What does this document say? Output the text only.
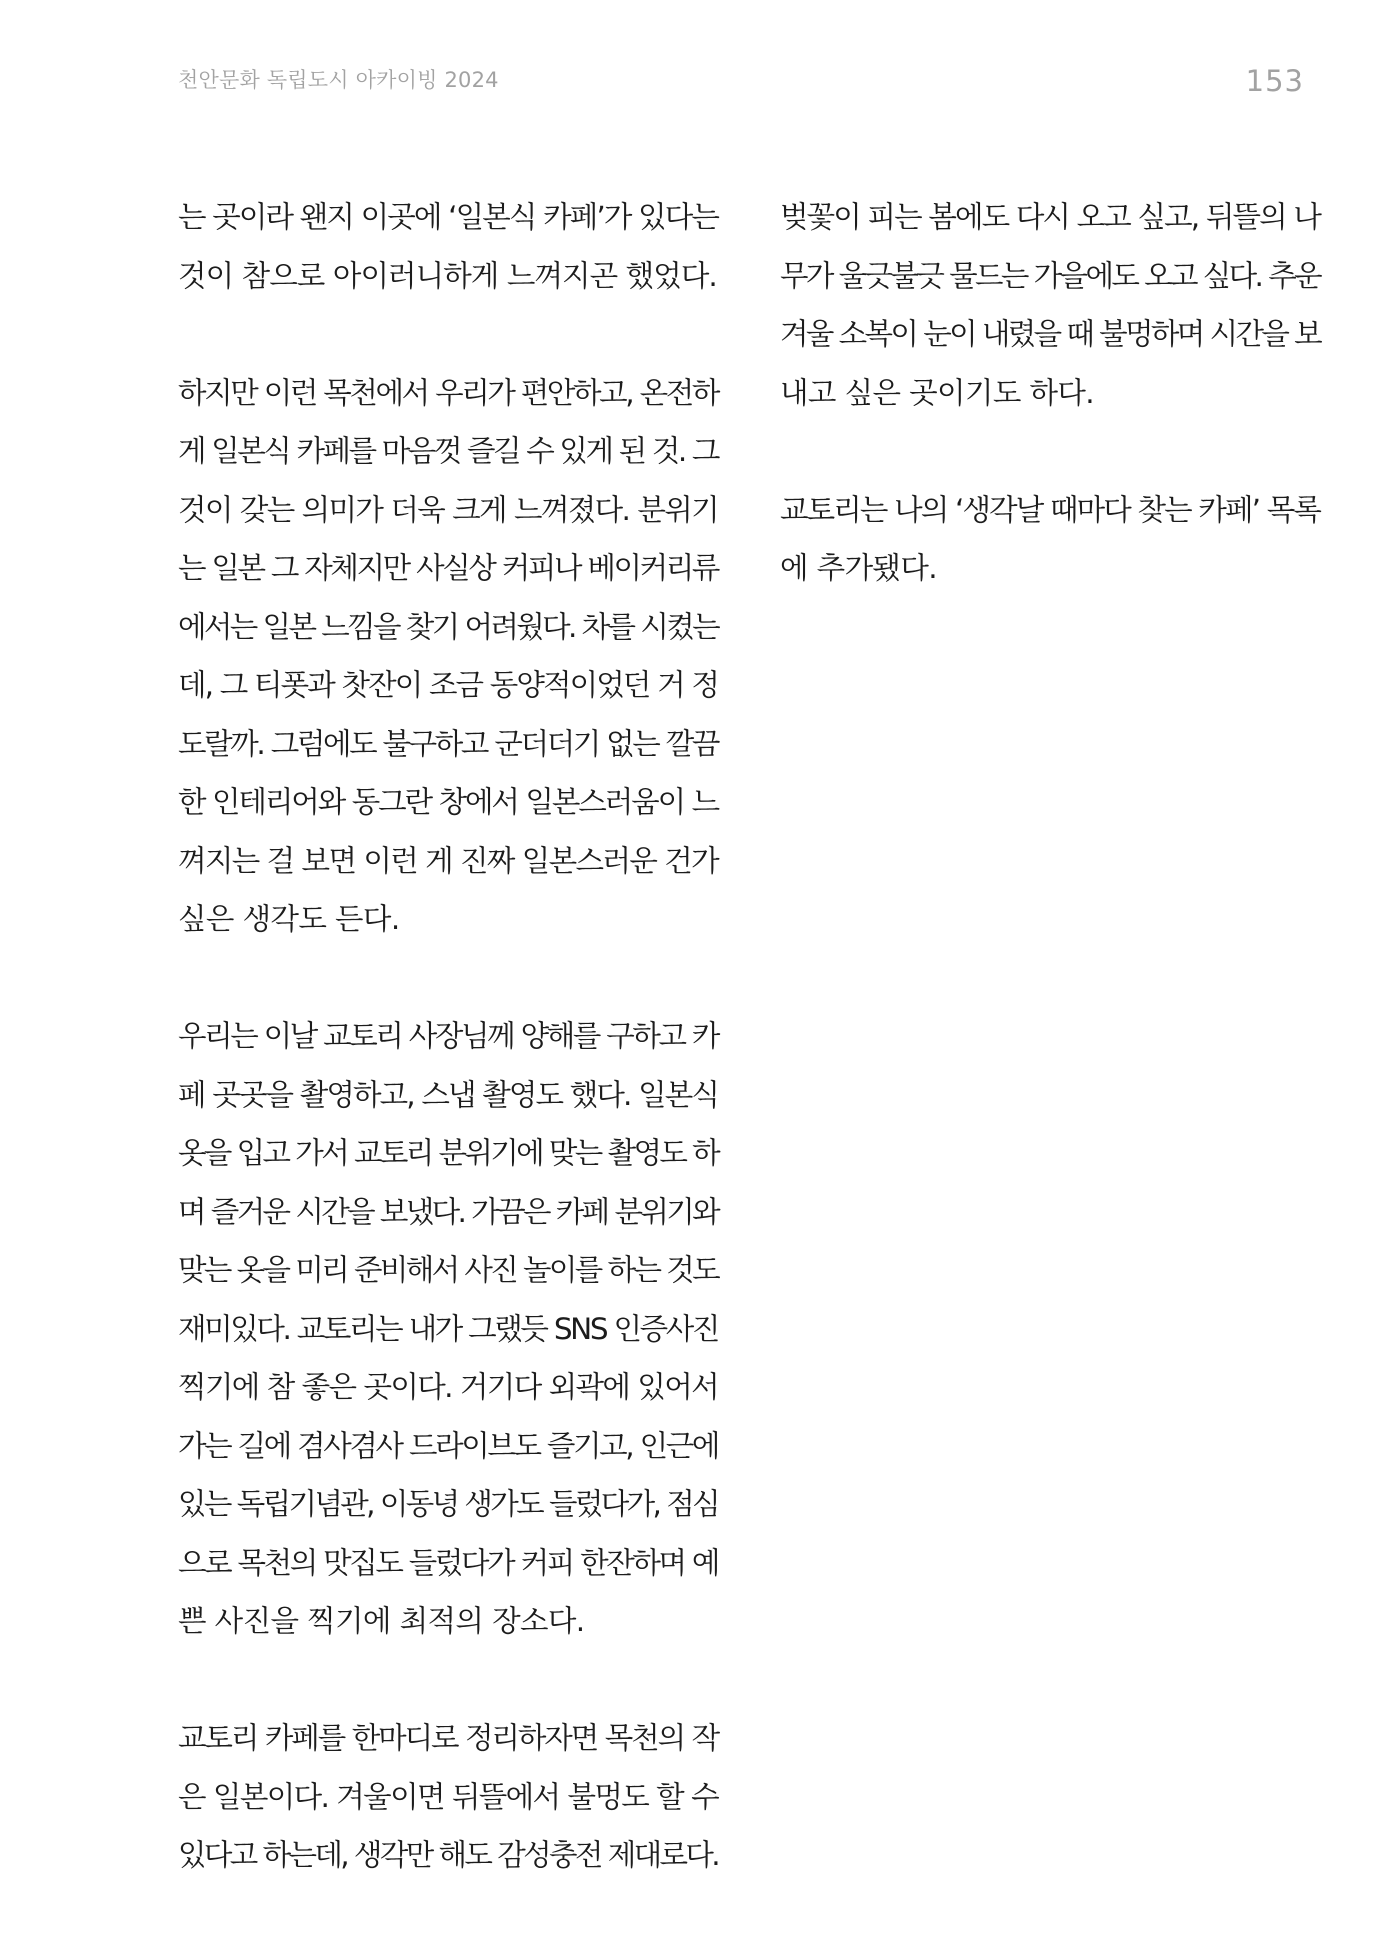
천안문화 독립도시 아카이빙 2024	153
는 곳이라 왠지 이곳에 ‘일본식 카페’가 있다는
것이 참으로 아이러니하게 느껴지곤 했었다.
하지만 이런 목천에서 우리가 편안하고, 온전하
게 일본식 카페를 마음껏 즐길 수 있게 된 것. 그
것이 갖는 의미가 더욱 크게 느껴졌다. 분위기
는 일본 그 자체지만 사실상 커피나 베이커리류
에서는 일본 느낌을 찾기 어려웠다. 차를 시켰는
데, 그 티폿과 찻잔이 조금 동양적이었던 거 정
도랄까. 그럼에도 불구하고 군더더기 없는 깔끔
한 인테리어와 동그란 창에서 일본스러움이 느
껴지는 걸 보면 이런 게 진짜 일본스러운 건가
싶은 생각도 든다.
우리는 이날 교토리 사장님께 양해를 구하고 카
페 곳곳을 촬영하고, 스냅 촬영도 했다. 일본식
옷을 입고 가서 교토리 분위기에 맞는 촬영도 하
며 즐거운 시간을 보냈다. 가끔은 카페 분위기와
맞는 옷을 미리 준비해서 사진 놀이를 하는 것도
재미있다. 교토리는 내가 그랬듯 SNS 인증사진
찍기에 참 좋은 곳이다. 거기다 외곽에 있어서
가는 길에 겸사겸사 드라이브도 즐기고, 인근에
있는 독립기념관, 이동녕 생가도 들렀다가, 점심
으로 목천의 맛집도 들렀다가 커피 한잔하며 예
쁜 사진을 찍기에 최적의 장소다.
교토리 카페를 한마디로 정리하자면 목천의 작
은 일본이다. 겨울이면 뒤뜰에서 불멍도 할 수
있다고 하는데, 생각만 해도 감성충전 제대로다.
벚꽃이 피는 봄에도 다시 오고 싶고, 뒤뜰의 나
무가 울긋불긋 물드는 가을에도 오고 싶다. 추운
겨울 소복이 눈이 내렸을 때 불멍하며 시간을 보
내고 싶은 곳이기도 하다.
교토리는 나의 ‘생각날 때마다 찾는 카페’ 목록
에 추가됐다.
